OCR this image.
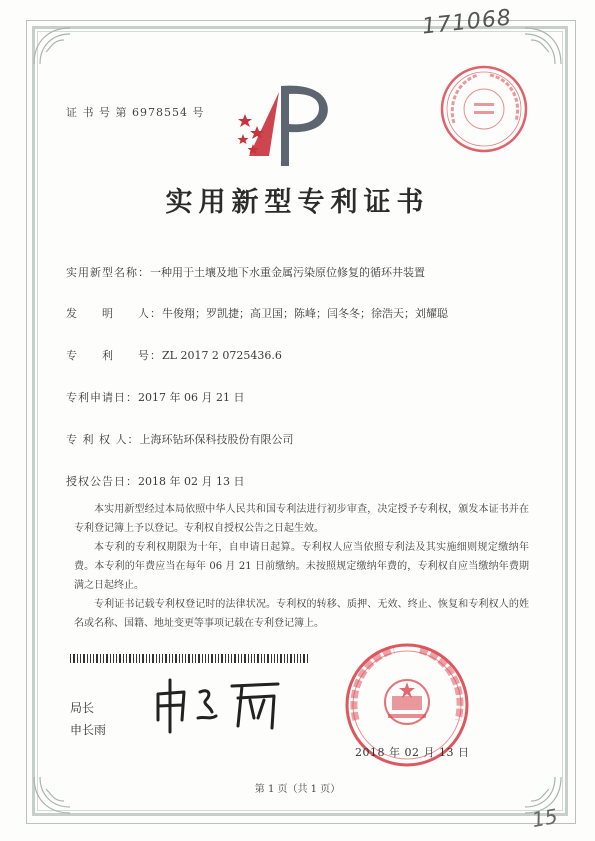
171068
证 书 号 第 6978554 号
实用新型专利证书
实用新型名称：一种用于土壤及地下水重金属污染原位修复的循环井装置
发　　明　　人：牛俊翔；罗凯捷；高卫国；陈峰；闫冬冬；徐浩天；刘耀聪
专　　利　　号：ZL 2017 2 0725436.6
专利申请日：2017 年 06 月 21 日
专 利 权 人：上海环钻环保科技股份有限公司
授权公告日：2018 年 02 月 13 日

本实用新型经过本局依照中华人民共和国专利法进行初步审查，决定授予专利权，颁发本证书并在专利登记簿上予以登记。专利权自授权公告之日起生效。

本专利的专利权期限为十年，自申请日起算。专利权人应当依照专利法及其实施细则规定缴纳年费。本专利的年费应当在每年 06 月 21 日前缴纳。未按照规定缴纳年费的，专利权自应当缴纳年费期满之日起终止。

专利证书记载专利权登记时的法律状况。专利权的转移、质押、无效、终止、恢复和专利权人的姓名或名称、国籍、地址变更等事项记载在专利登记簿上。

局长
申长雨
2018 年 02 月 13 日
第 1 页（共 1 页）
15
